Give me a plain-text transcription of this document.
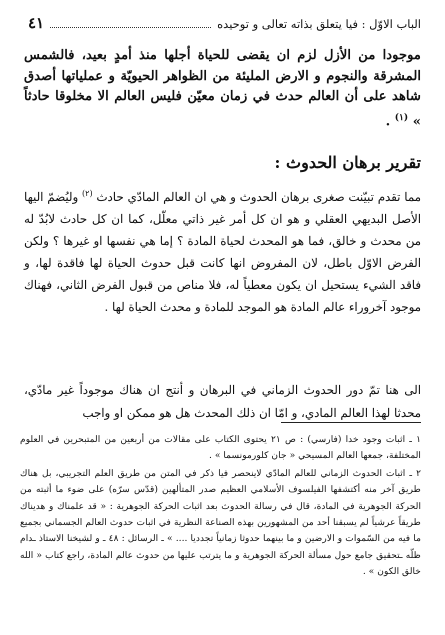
الباب الاوّل : فيا يتعلق بذاته تعالى و توحيده
٤١

موجودا من الأزل لزم ان يقضى للحياة أجلها منذ أمدٍ بعيد، فالشمس المشرقة والنجوم و الارض المليئة من الظواهر الحيويّة و عملياتها أصدق شاهد على أن العالم حدث في زمان معيّن فليس العالم الا مخلوقا حادثاً » $^{(١)}$ .

تقرير برهان الحدوث :

مما تقدم تبيّنت صغرى برهان الحدوث و هي ان العالم المادّي حادث $^{(٢)}$ وليُضمّ اليها الأصل البديهي العقلي و هو ان كل أمر غير ذاتي معلّل، كما ان كل حادث لابُدّ له من محدث و خالق، فما هو المحدث لحياة المادة ؟ إما هي نفسها او غيرها ؟ ولكن الفرض الاوّل باطل، لان المفروض انها كانت قبل حدوث الحياة لها فاقدة لها، و فاقد الشيء يستحيل ان يكون معطياً له، فلا مناص من قبول الفرض الثاني، فهناك موجود آخروراء عالم المادة هو الموجد للمادة و محدث الحياة لها .

الى هنا تمّ دور الحدوث الزماني في البرهان و أنتج ان هناك موجوداً غير مادّي، محدثا لهذا العالم المادي، و امّا ان ذلك المحدث هل هو ممكن او واجب

١ ـ اثبات وجود خدا (فارسي) : ص ٢١ يحتوى الكتاب على مقالات من أربعين من المتبحرين في العلوم المختلفة، جمعها العالم المسيحي « جان كلورمونسما » .

٢ ـ اثبات الحدوث الزماني للعالم المادّي لاينحصر فيا ذكر في المتن من طريق العلم التجريبي، بل هناك طريق آخر منه أكتشفها الفيلسوف الأسلامي العظيم صدر المتألهين (قدّس سرّه) على ضوء ما أثبته من الحركة الجوهرية في المادة، قال في رسالة الحدوث بعد اثبات الحركة الجوهرية : « قد علمناك و هديناك طريقاً عرشياً لم يسبقنا أحد من المشهورين بهذه الصناعة النظرية في اثبات حدوث العالم الجسماني بجميع ما فيه من السّموات و الارضين و ما بينهما حدوثا زمانياً تجدديا .... » ـ الرسائل : ٤٨ ـ و لشيخنا الاستاذ ـدام ظلّه ـتحقيق جامع حول مسألة الحركة الجوهرية و ما يترتب عليها من حدوث عالم المادة، راجع كتاب « الله خالق الكون » .
